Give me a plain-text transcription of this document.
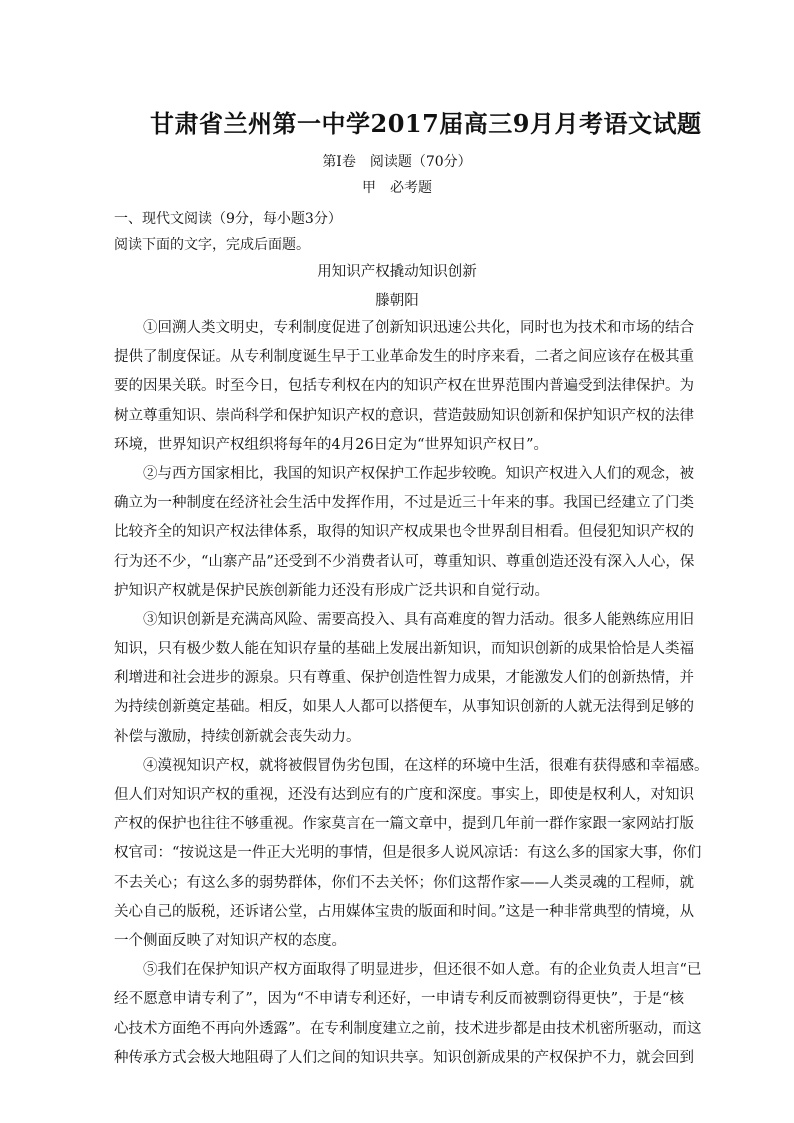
甘肃省兰州第一中学2017届高三9月月考语文试题
第Ⅰ卷　阅读题（70分）
甲　必考题
一、现代文阅读（9分，每小题3分）
阅读下面的文字，完成后面题。
用知识产权撬动知识创新
滕朝阳
①回溯人类文明史，专利制度促进了创新知识迅速公共化，同时也为技术和市场的结合
提供了制度保证。从专利制度诞生早于工业革命发生的时序来看，二者之间应该存在极其重
要的因果关联。时至今日，包括专利权在内的知识产权在世界范围内普遍受到法律保护。为
树立尊重知识、崇尚科学和保护知识产权的意识，营造鼓励知识创新和保护知识产权的法律
环境，世界知识产权组织将每年的4月26日定为“世界知识产权日”。
②与西方国家相比，我国的知识产权保护工作起步较晚。知识产权进入人们的观念，被
确立为一种制度在经济社会生活中发挥作用，不过是近三十年来的事。我国已经建立了门类
比较齐全的知识产权法律体系，取得的知识产权成果也令世界刮目相看。但侵犯知识产权的
行为还不少，“山寨产品”还受到不少消费者认可，尊重知识、尊重创造还没有深入人心，保
护知识产权就是保护民族创新能力还没有形成广泛共识和自觉行动。
③知识创新是充满高风险、需要高投入、具有高难度的智力活动。很多人能熟练应用旧
知识，只有极少数人能在知识存量的基础上发展出新知识，而知识创新的成果恰恰是人类福
利增进和社会进步的源泉。只有尊重、保护创造性智力成果，才能激发人们的创新热情，并
为持续创新奠定基础。相反，如果人人都可以搭便车，从事知识创新的人就无法得到足够的
补偿与激励，持续创新就会丧失动力。
④漠视知识产权，就将被假冒伪劣包围，在这样的环境中生活，很难有获得感和幸福感。
但人们对知识产权的重视，还没有达到应有的广度和深度。事实上，即使是权利人，对知识
产权的保护也往往不够重视。作家莫言在一篇文章中，提到几年前一群作家跟一家网站打版
权官司：“按说这是一件正大光明的事情，但是很多人说风凉话：有这么多的国家大事，你们
不去关心；有这么多的弱势群体，你们不去关怀；你们这帮作家——人类灵魂的工程师，就
关心自己的版税，还诉诸公堂，占用媒体宝贵的版面和时间。”这是一种非常典型的情境，从
一个侧面反映了对知识产权的态度。
⑤我们在保护知识产权方面取得了明显进步，但还很不如人意。有的企业负责人坦言“已
经不愿意申请专利了”，因为“不申请专利还好，一申请专利反而被剽窃得更快”，于是“核
心技术方面绝不再向外透露”。在专利制度建立之前，技术进步都是由技术机密所驱动，而这
种传承方式会极大地阻碍了人们之间的知识共享。知识创新成果的产权保护不力，就会回到
